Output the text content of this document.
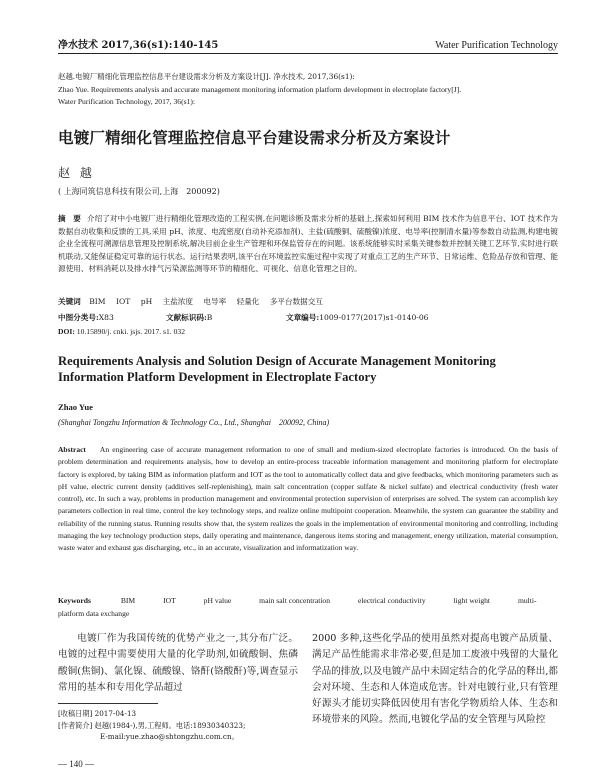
净水技术 2017,36(s1):140-145	Water Purification Technology
赵越.电镀厂精细化管理监控信息平台建设需求分析及方案设计[J]. 净水技术, 2017,36(s1):
Zhao Yue. Requirements analysis and accurate management monitoring information platform development in electroplate factory[J].
Water Purification Technology, 2017, 36(s1):
电镀厂精细化管理监控信息平台建设需求分析及方案设计
赵 越
( 上海同筑信息科技有限公司,上海　200092)
摘　要 介绍了对中小电镀厂进行精细化管理改造的工程实例,在问题诊断及需求分析的基础上,探索如何利用 BIM 技术作为信息平台、IOT 技术作为数据自动收集和反馈的工具,采用 pH、浓度、电流密度(自动补充添加剂)、主盐(硫酸铜、硫酸镍)浓度、电导率(控制清水量)等参数自动监测,构建电镀企业全流程可溯源信息管理及控制系统,解决目前企业生产管理和环保监管存在的问题。该系统能够实时采集关键参数并控制关键工艺环节,实时进行联机联动,又能保证稳定可靠的运行状态。运行结果表明,该平台在环境监控实施过程中实现了对重点工艺的生产环节、日常运维、危险品存放和管理、能源使用、材料消耗以及排水排气污染源监测等环节的精细化、可视化、信息化管理之目的。
关键词 BIM IOT pH 主盐浓度 电导率 轻量化 多平台数据交互
中图分类号:X83	文献标识码:B	文章编号:1009-0177(2017)s1-0140-06
DOI: 10.15890/j. cnki. jsjs. 2017. s1. 032
Requirements Analysis and Solution Design of Accurate Management Monitoring Information Platform Development in Electroplate Factory
Zhao Yue
(Shanghai Tongzhu Information & Technology Co., Ltd., Shanghai　200092, China)
Abstract An engineering case of accurate management reformation to one of small and medium-sized electroplate factories is introduced. On the basis of problem determination and requirements analysis, how to develop an entire-process traceable information management and monitoring platform for electroplate factory is explored, by taking BIM as information platform and IOT as the tool to automatically collect data and give feedbacks, which monitoring parameters such as pH value, electric current density (additives self-replenishing), main salt concentration (copper sulfate & nickel sulfate) and electrical conductivity (fresh water control), etc. In such a way, problems in production management and environmental protection supervision of enterprises are solved. The system can accomplish key parameters collection in real time, control the key technology steps, and realize online multipoint cooperation. Meanwhile, the system can guarantee the stability and reliability of the running status. Running results show that, the system realizes the goals in the implementation of environmental monitoring and controlling, including managing the key technology production steps, daily operating and maintenance, dangerous items storing and management, energy utilization, material consumption, waste water and exhaust gas discharging, etc., in an accurate, visualization and informatization way.
Keywords	BIM	IOT	pH value	main salt concentration	electrical conductivity	light weight	multi-platform data exchange
电镀厂作为我国传统的优势产业之一,其分布广泛。电镀的过程中需要使用大量的化学助剂,如硫酸铜、焦磷酸铜(焦铜)、氯化镍、硫酸镍、铬酐(铬酸酐)等,调查显示常用的基本和专用化学品超过
2000 多种,这些化学品的使用虽然对提高电镀产品质量、满足产品性能需求非常必要,但是加工废液中残留的大量化学品的排放,以及电镀产品中未固定结合的化学品的释出,都会对环境、生态和人体造成危害。针对电镀行业,只有管理好源头才能切实降低因使用有害化学物质给人体、生态和环境带来的风险。然而,电镀化学品的安全管理与风险控
[收稿日期] 2017-04-13
[作者简介] 赵越(1984-),男,工程师。电话:18930340323;
E-mail:yue.zhao@shtongzhu.com.cn。
— 140 —
